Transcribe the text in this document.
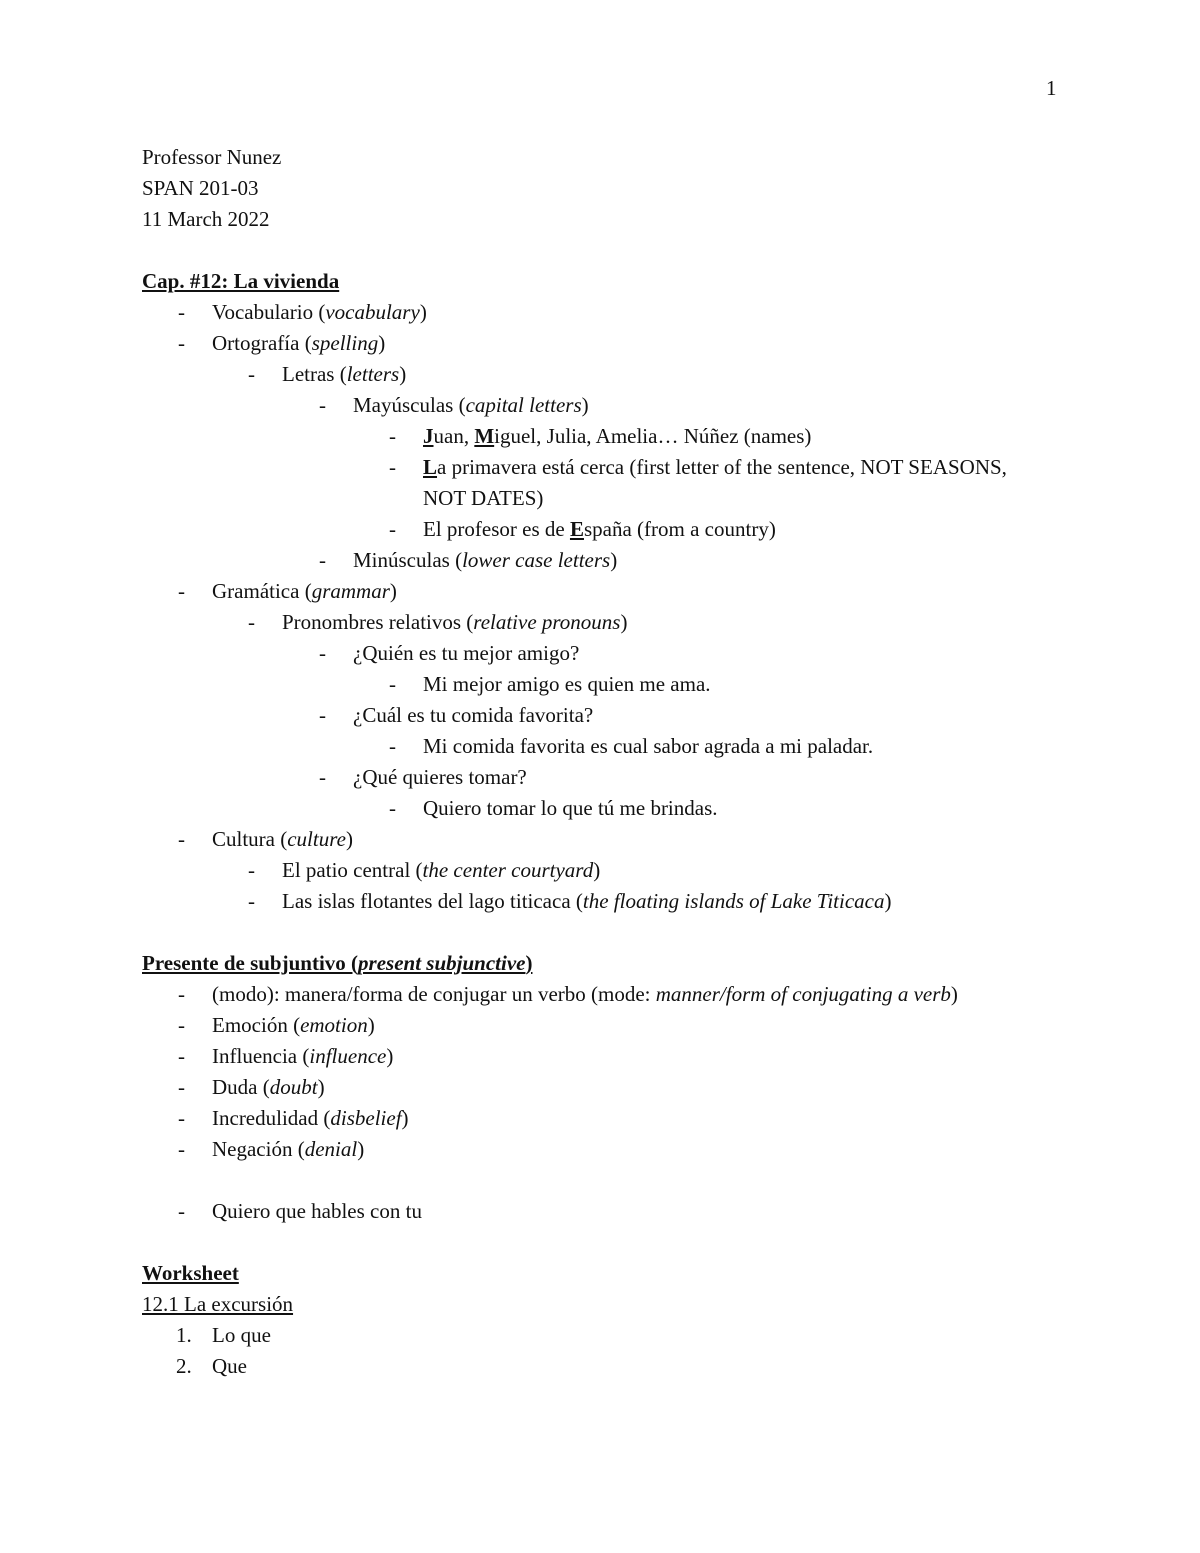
1
Professor Nunez
SPAN 201-03
11 March 2022
Cap. #12: La vivienda
- Vocabulario (vocabulary)
- Ortografía (spelling)
- Letras (letters)
- Mayúsculas (capital letters)
- Juan, Miguel, Julia, Amelia… Núñez (names)
- La primavera está cerca (first letter of the sentence, NOT SEASONS, NOT DATES)
- El profesor es de España (from a country)
- Minúsculas (lower case letters)
- Gramática (grammar)
- Pronombres relativos (relative pronouns)
- ¿Quién es tu mejor amigo?
- Mi mejor amigo es quien me ama.
- ¿Cuál es tu comida favorita?
- Mi comida favorita es cual sabor agrada a mi paladar.
- ¿Qué quieres tomar?
- Quiero tomar lo que tú me brindas.
- Cultura (culture)
- El patio central (the center courtyard)
- Las islas flotantes del lago titicaca (the floating islands of Lake Titicaca)
Presente de subjuntivo (present subjunctive)
- (modo): manera/forma de conjugar un verbo (mode: manner/form of conjugating a verb)
- Emoción (emotion)
- Influencia (influence)
- Duda (doubt)
- Incredulidad (disbelief)
- Negación (denial)
- Quiero que hables con tu
Worksheet
12.1 La excursión
1. Lo que
2. Que
